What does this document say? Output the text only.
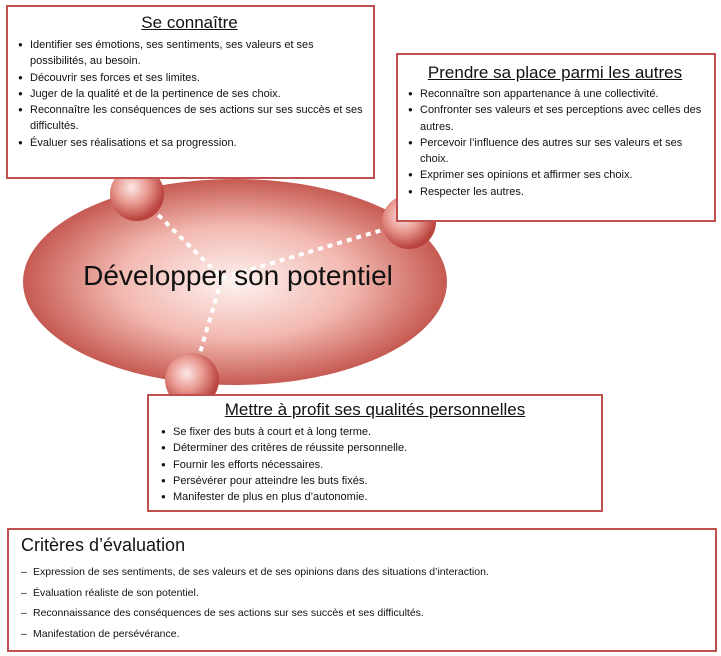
Développer son potentiel
Se connaître
● Identifier ses émotions, ses sentiments, ses valeurs et ses possibilités, au besoin.
● Découvrir ses forces et ses limites.
● Juger de la qualité et de la pertinence de ses choix.
● Reconnaître les conséquences de ses actions sur ses succès et ses difficultés.
● Évaluer ses réalisations et sa progression.
Prendre sa place parmi les autres
● Reconnaître son appartenance à une collectivité.
● Confronter ses valeurs et ses perceptions avec celles des autres.
● Percevoir l’influence des autres sur ses valeurs et ses choix.
● Exprimer ses opinions et affirmer ses choix.
● Respecter les autres.
Mettre à profit ses qualités personnelles
● Se fixer des buts à court et à long terme.
● Déterminer des critères de réussite personnelle.
● Fournir les efforts nécessaires.
● Persévérer pour atteindre les buts fixés.
● Manifester de plus en plus d’autonomie.
Critères d’évaluation
– Expression de ses sentiments, de ses valeurs et de ses opinions dans des situations d’interaction.
– Évaluation réaliste de son potentiel.
– Reconnaissance des conséquences de ses actions sur ses succès et ses difficultés.
– Manifestation de persévérance.
